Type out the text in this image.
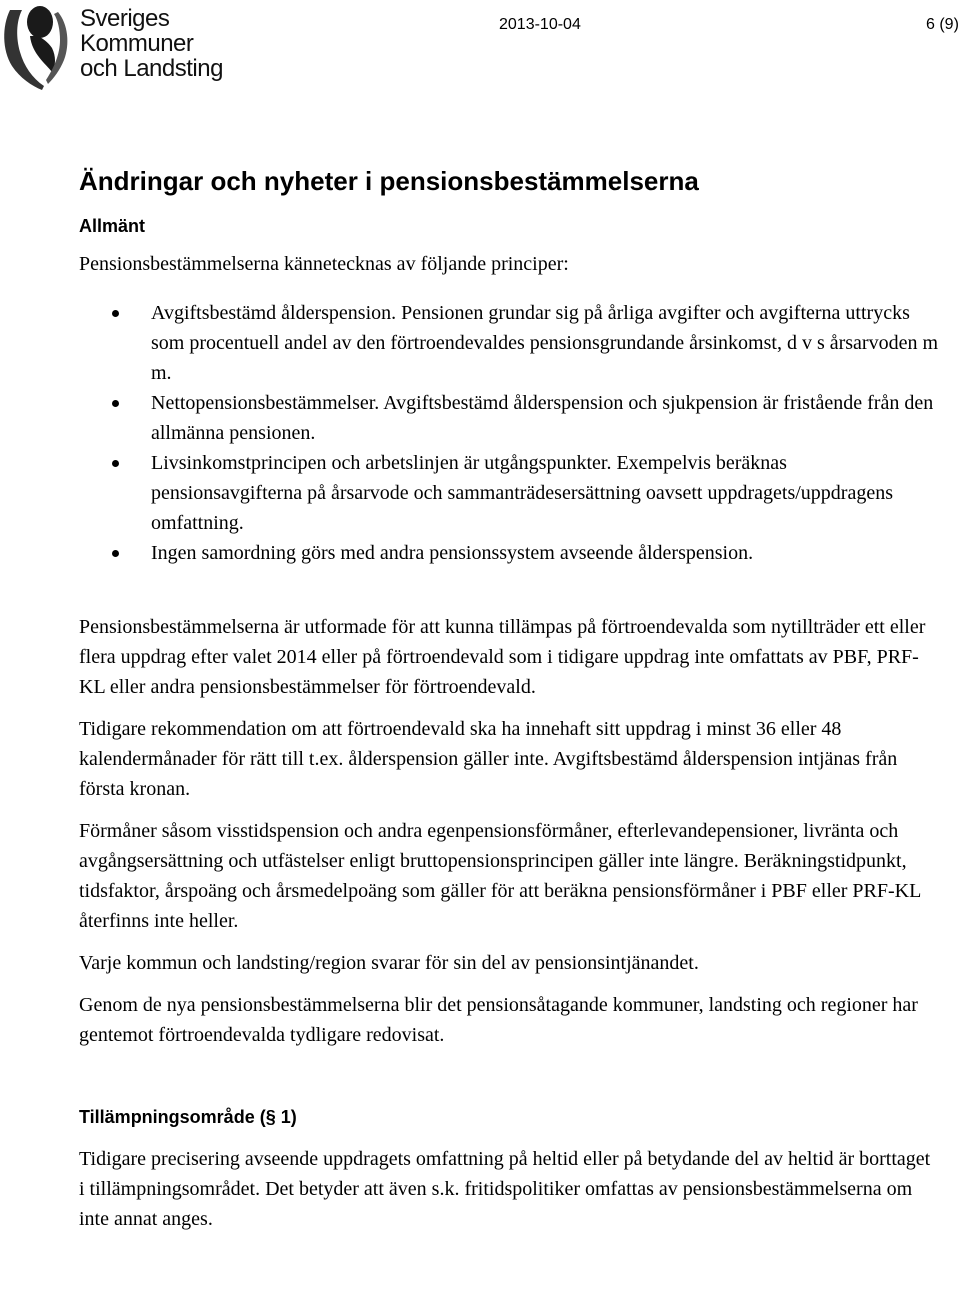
Sveriges
Kommuner
och Landsting
2013-10-04	6 (9)
Ändringar och nyheter i pensionsbestämmelserna
Allmänt

Pensionsbestämmelserna kännetecknas av följande principer:

Avgiftsbestämd ålderspension. Pensionen grundar sig på årliga avgifter och avgifterna uttrycks som procentuell andel av den förtroendevaldes pensionsgrundande årsinkomst, d v s årsarvoden m m.
Nettopensionsbestämmelser. Avgiftsbestämd ålderspension och sjukpension är fristående från den allmänna pensionen.
Livsinkomstprincipen och arbetslinjen är utgångspunkter. Exempelvis beräknas pensionsavgifterna på årsarvode och sammanträdesersättning oavsett uppdragets/uppdragens omfattning.
Ingen samordning görs med andra pensionssystem avseende ålderspension.

Pensionsbestämmelserna är utformade för att kunna tillämpas på förtroendevalda som nytillträder ett eller flera uppdrag efter valet 2014 eller på förtroendevald som i tidigare uppdrag inte omfattats av PBF, PRF-KL eller andra pensionsbestämmelser för förtroendevald.

Tidigare rekommendation om att förtroendevald ska ha innehaft sitt uppdrag i minst 36 eller 48 kalendermånader för rätt till t.ex. ålderspension gäller inte. Avgiftsbestämd ålderspension intjänas från första kronan.

Förmåner såsom visstidspension och andra egenpensionsförmåner, efterlevandepensioner, livränta och avgångsersättning och utfästelser enligt bruttopensionsprincipen gäller inte längre. Beräkningstidpunkt, tidsfaktor, årspoäng och årsmedelpoäng som gäller för att beräkna pensionsförmåner i PBF eller PRF-KL återfinns inte heller.

Varje kommun och landsting/region svarar för sin del av pensionsintjänandet.

Genom de nya pensionsbestämmelserna blir det pensionsåtagande kommuner, landsting och regioner har gentemot förtroendevalda tydligare redovisat.

Tillämpningsområde (§ 1)

Tidigare precisering avseende uppdragets omfattning på heltid eller på betydande del av heltid är borttaget i tillämpningsområdet. Det betyder att även s.k. fritidspolitiker omfattas av pensionsbestämmelserna om inte annat anges.
